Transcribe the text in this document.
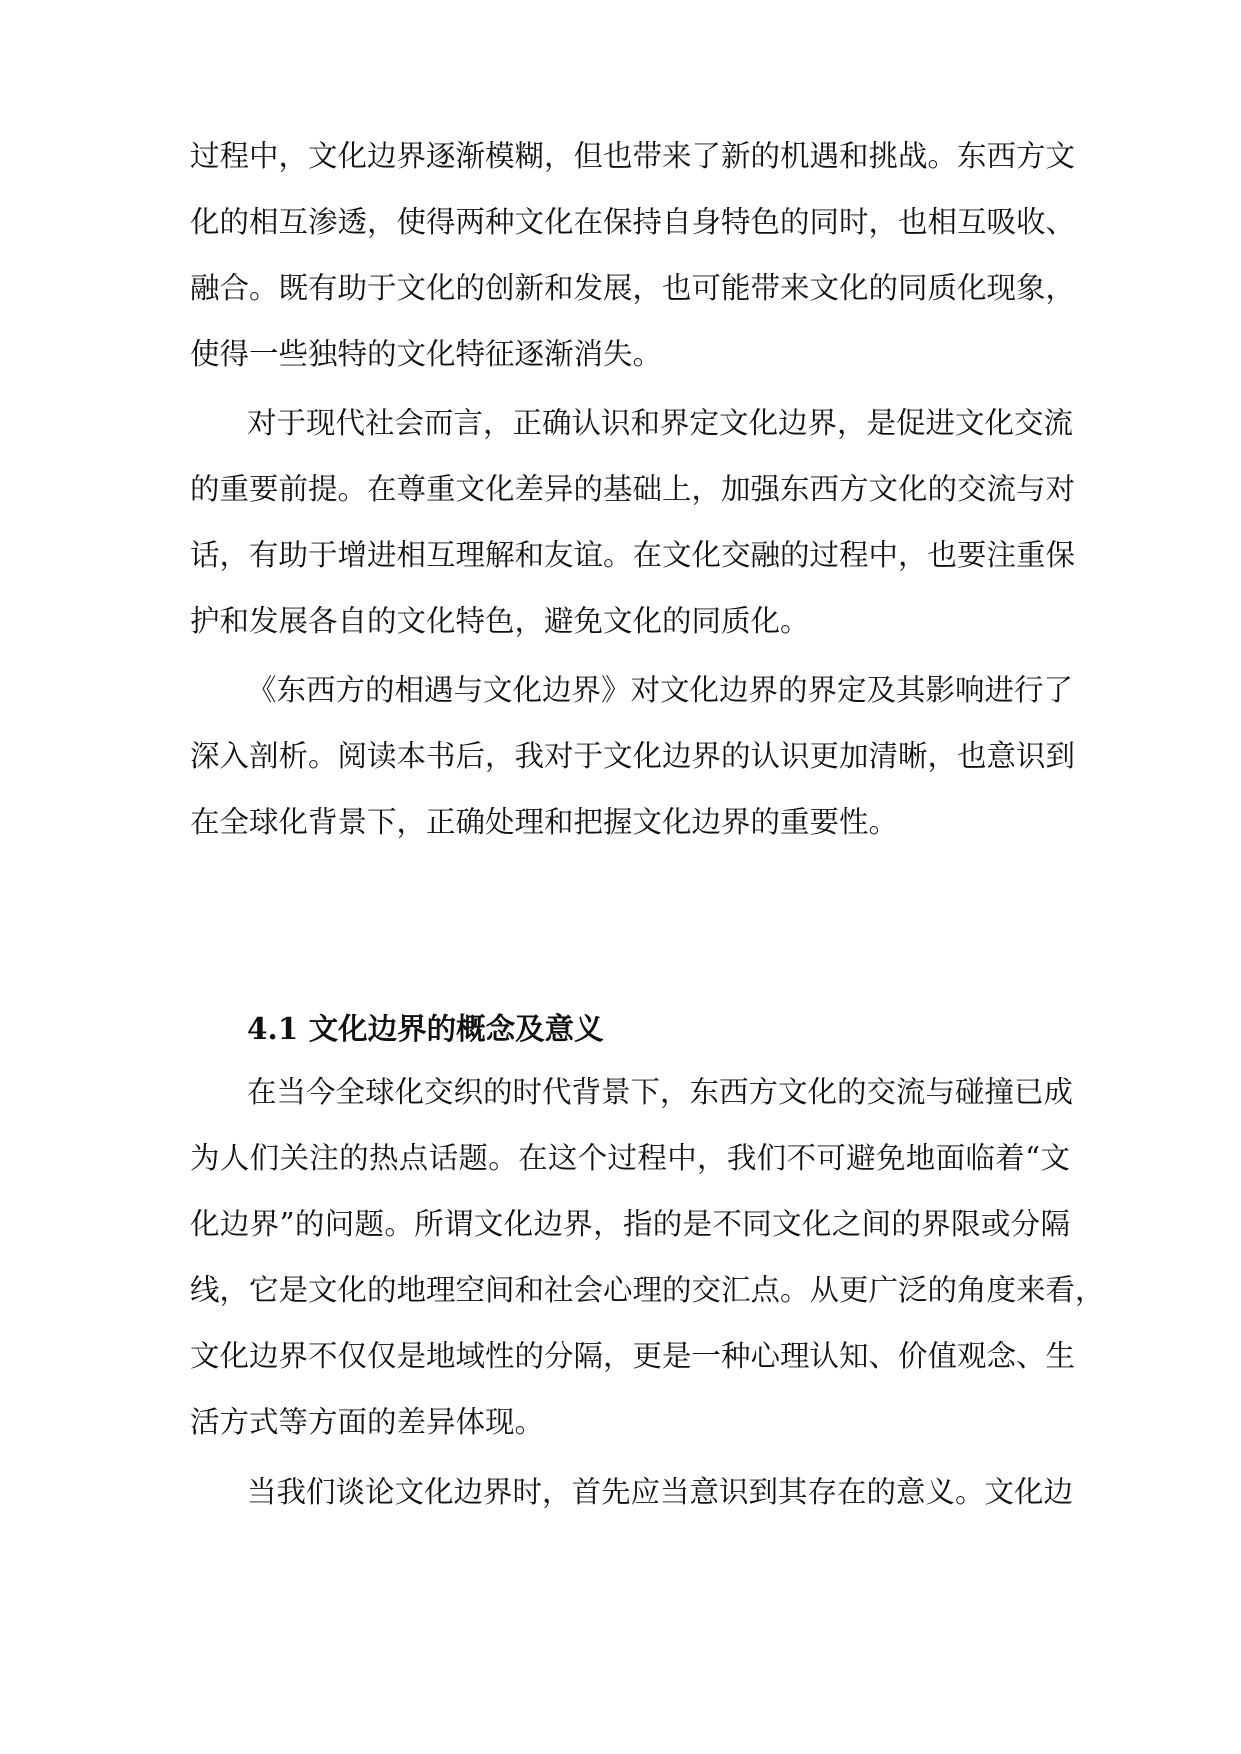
过程中，文化边界逐渐模糊，但也带来了新的机遇和挑战。东西方文
化的相互渗透，使得两种文化在保持自身特色的同时，也相互吸收、
融合。既有助于文化的创新和发展，也可能带来文化的同质化现象，
使得一些独特的文化特征逐渐消失。
对于现代社会而言，正确认识和界定文化边界，是促进文化交流
的重要前提。在尊重文化差异的基础上，加强东西方文化的交流与对
话，有助于增进相互理解和友谊。在文化交融的过程中，也要注重保
护和发展各自的文化特色，避免文化的同质化。
《东西方的相遇与文化边界》对文化边界的界定及其影响进行了
深入剖析。阅读本书后，我对于文化边界的认识更加清晰，也意识到
在全球化背景下，正确处理和把握文化边界的重要性。
4.1 文化边界的概念及意义
在当今全球化交织的时代背景下，东西方文化的交流与碰撞已成
为人们关注的热点话题。在这个过程中，我们不可避免地面临着“文
化边界”的问题。所谓文化边界，指的是不同文化之间的界限或分隔
线，它是文化的地理空间和社会心理的交汇点。从更广泛的角度来看，
文化边界不仅仅是地域性的分隔，更是一种心理认知、价值观念、生
活方式等方面的差异体现。
当我们谈论文化边界时，首先应当意识到其存在的意义。文化边
